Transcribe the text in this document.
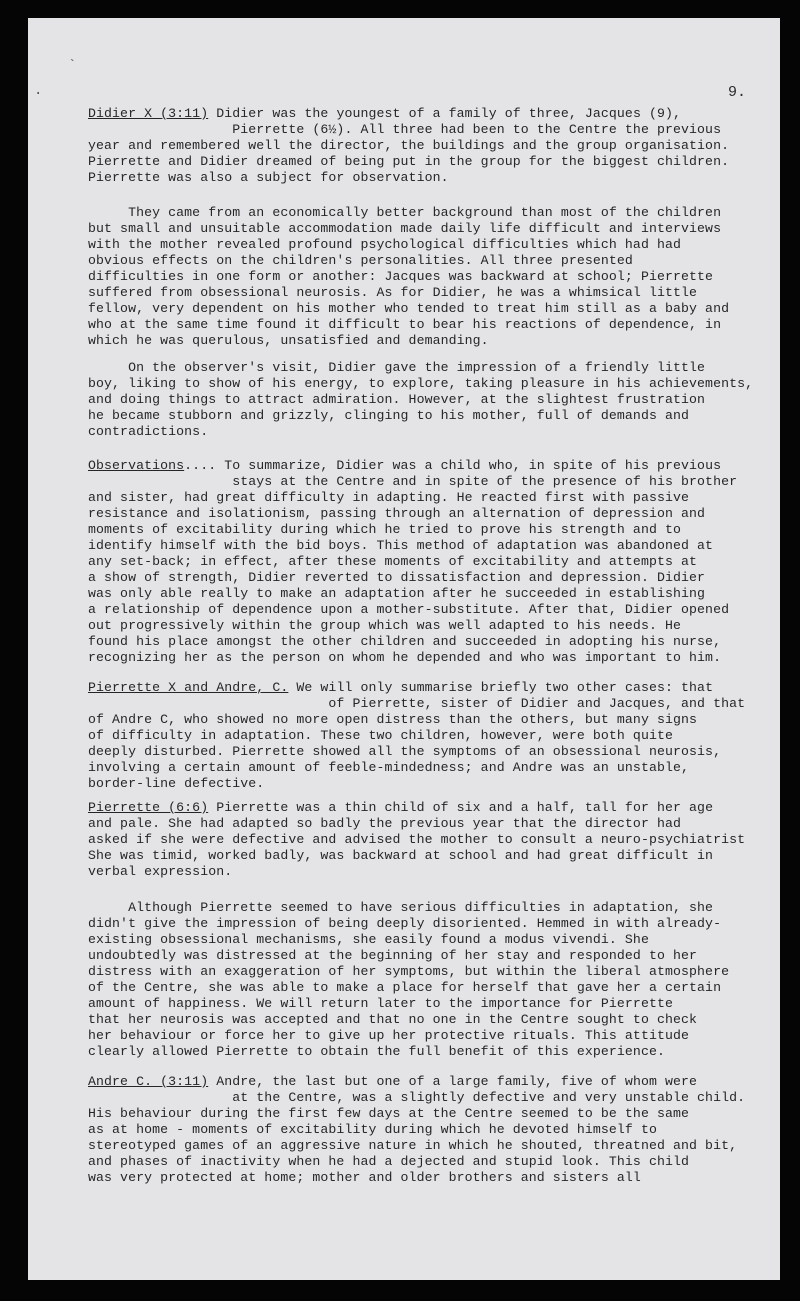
`
·	9.
Didier X (3:11) Didier was the youngest of a family of three, Jacques (9),
Pierrette (6½). All three had been to the Centre the previous
year and remembered well the director, the buildings and the group organisation.
Pierrette and Didier dreamed of being put in the group for the biggest children.
Pierrette was also a subject for observation.
They came from an economically better background than most of the children
but small and unsuitable accommodation made daily life difficult and interviews
with the mother revealed profound psychological difficulties which had had
obvious effects on the children's personalities. All three presented
difficulties in one form or another: Jacques was backward at school; Pierrette
suffered from obsessional neurosis. As for Didier, he was a whimsical little
fellow, very dependent on his mother who tended to treat him still as a baby and
who at the same time found it difficult to bear his reactions of dependence, in
which he was querulous, unsatisfied and demanding.
On the observer's visit, Didier gave the impression of a friendly little
boy, liking to show of his energy, to explore, taking pleasure in his achievements,
and doing things to attract admiration. However, at the slightest frustration
he became stubborn and grizzly, clinging to his mother, full of demands and
contradictions.
Observations.... To summarize, Didier was a child who, in spite of his previous
stays at the Centre and in spite of the presence of his brother
and sister, had great difficulty in adapting. He reacted first with passive
resistance and isolationism, passing through an alternation of depression and
moments of excitability during which he tried to prove his strength and to
identify himself with the bid boys. This method of adaptation was abandoned at
any set-back; in effect, after these moments of excitability and attempts at
a show of strength, Didier reverted to dissatisfaction and depression. Didier
was only able really to make an adaptation after he succeeded in establishing
a relationship of dependence upon a mother-substitute. After that, Didier opened
out progressively within the group which was well adapted to his needs. He
found his place amongst the other children and succeeded in adopting his nurse,
recognizing her as the person on whom he depended and who was important to him.
Pierrette X and Andre, C. We will only summarise briefly two other cases: that
of Pierrette, sister of Didier and Jacques, and that
of Andre C, who showed no more open distress than the others, but many signs
of difficulty in adaptation. These two children, however, were both quite
deeply disturbed. Pierrette showed all the symptoms of an obsessional neurosis,
involving a certain amount of feeble-mindedness; and Andre was an unstable,
border-line defective.
Pierrette (6:6) Pierrette was a thin child of six and a half, tall for her age
and pale. She had adapted so badly the previous year that the director had
asked if she were defective and advised the mother to consult a neuro-psychiatrist
She was timid, worked badly, was backward at school and had great difficult in
verbal expression.
Although Pierrette seemed to have serious difficulties in adaptation, she
didn't give the impression of being deeply disoriented. Hemmed in with already-
existing obsessional mechanisms, she easily found a modus vivendi. She
undoubtedly was distressed at the beginning of her stay and responded to her
distress with an exaggeration of her symptoms, but within the liberal atmosphere
of the Centre, she was able to make a place for herself that gave her a certain
amount of happiness. We will return later to the importance for Pierrette
that her neurosis was accepted and that no one in the Centre sought to check
her behaviour or force her to give up her protective rituals. This attitude
clearly allowed Pierrette to obtain the full benefit of this experience.
Andre C. (3:11) Andre, the last but one of a large family, five of whom were
at the Centre, was a slightly defective and very unstable child.
His behaviour during the first few days at the Centre seemed to be the same
as at home - moments of excitability during which he devoted himself to
stereotyped games of an aggressive nature in which he shouted, threatned and bit,
and phases of inactivity when he had a dejected and stupid look. This child
was very protected at home; mother and older brothers and sisters all
